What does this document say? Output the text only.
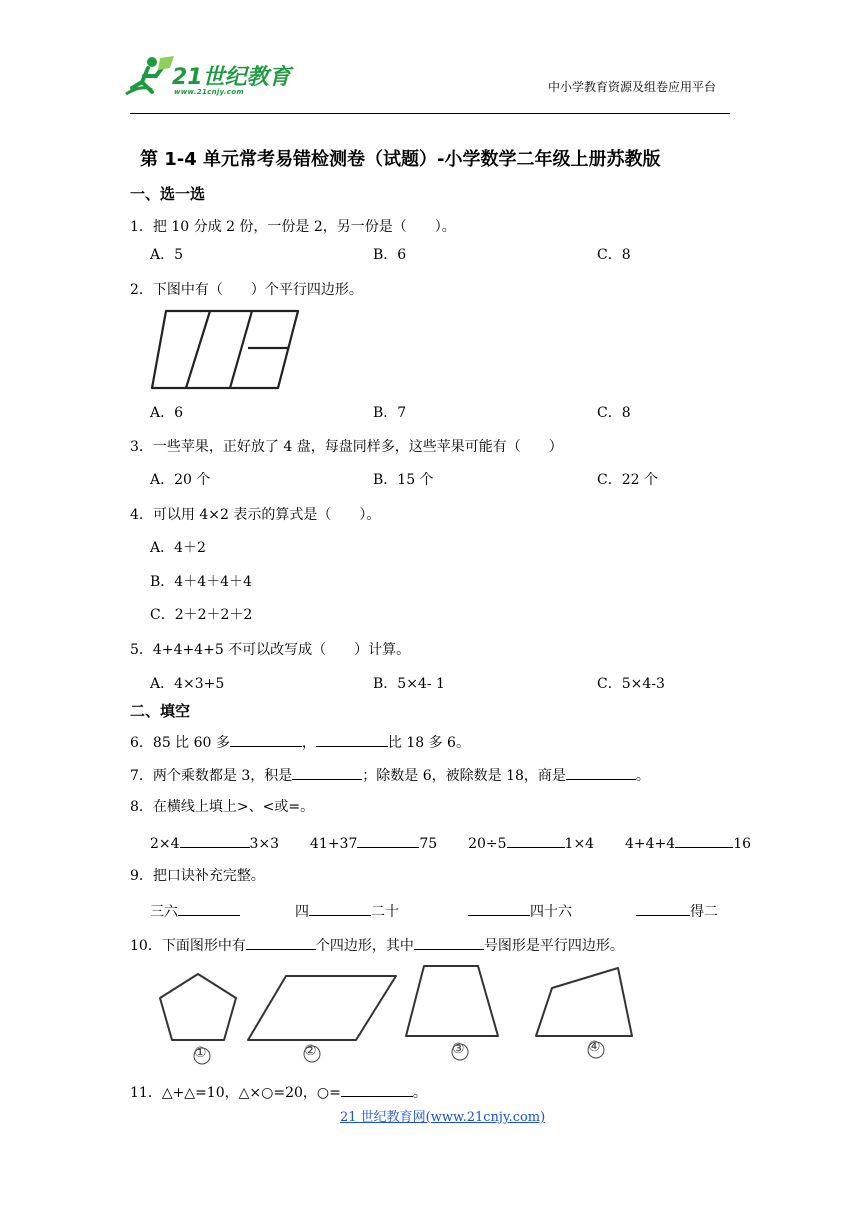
21世纪教育
www.21cnjy.com	中小学教育资源及组卷应用平台
第 1-4 单元常考易错检测卷（试题）-小学数学二年级上册苏教版
一、选一选
1．把 10 分成 2 份，一份是 2，另一份是（　　）。
A．5	B．6	C．8
2．下图中有（　　）个平行四边形。
A．6	B．7	C．8
3．一些苹果，正好放了 4 盘，每盘同样多，这些苹果可能有（　　）
A．20 个	B．15 个	C．22 个
4．可以用 4×2 表示的算式是（　　）。
A．4＋2
B．4＋4＋4＋4
C．2＋2＋2＋2
5．4+4+4+5 不可以改写成（　　）计算。
A．4×3+5	B．5×4- 1	C．5×4-3
二、填空
6．85 比 60 多	，	比 18 多 6。
7．两个乘数都是 3，积是	；除数是 6，被除数是 18，商是	。
8．在横线上填上>、<或=。
2×4	3×3 41+37	75 20÷5	1×4 4+4+4	16
9．把口诀补充完整。
三六	四	二十	四十六	得二
10．下面图形中有	个四边形，其中	号图形是平行四边形。
①	②	③	④
11．△+△=10，△×○=20，○=	。
21 世纪教育网(www.21cnjy.com)
